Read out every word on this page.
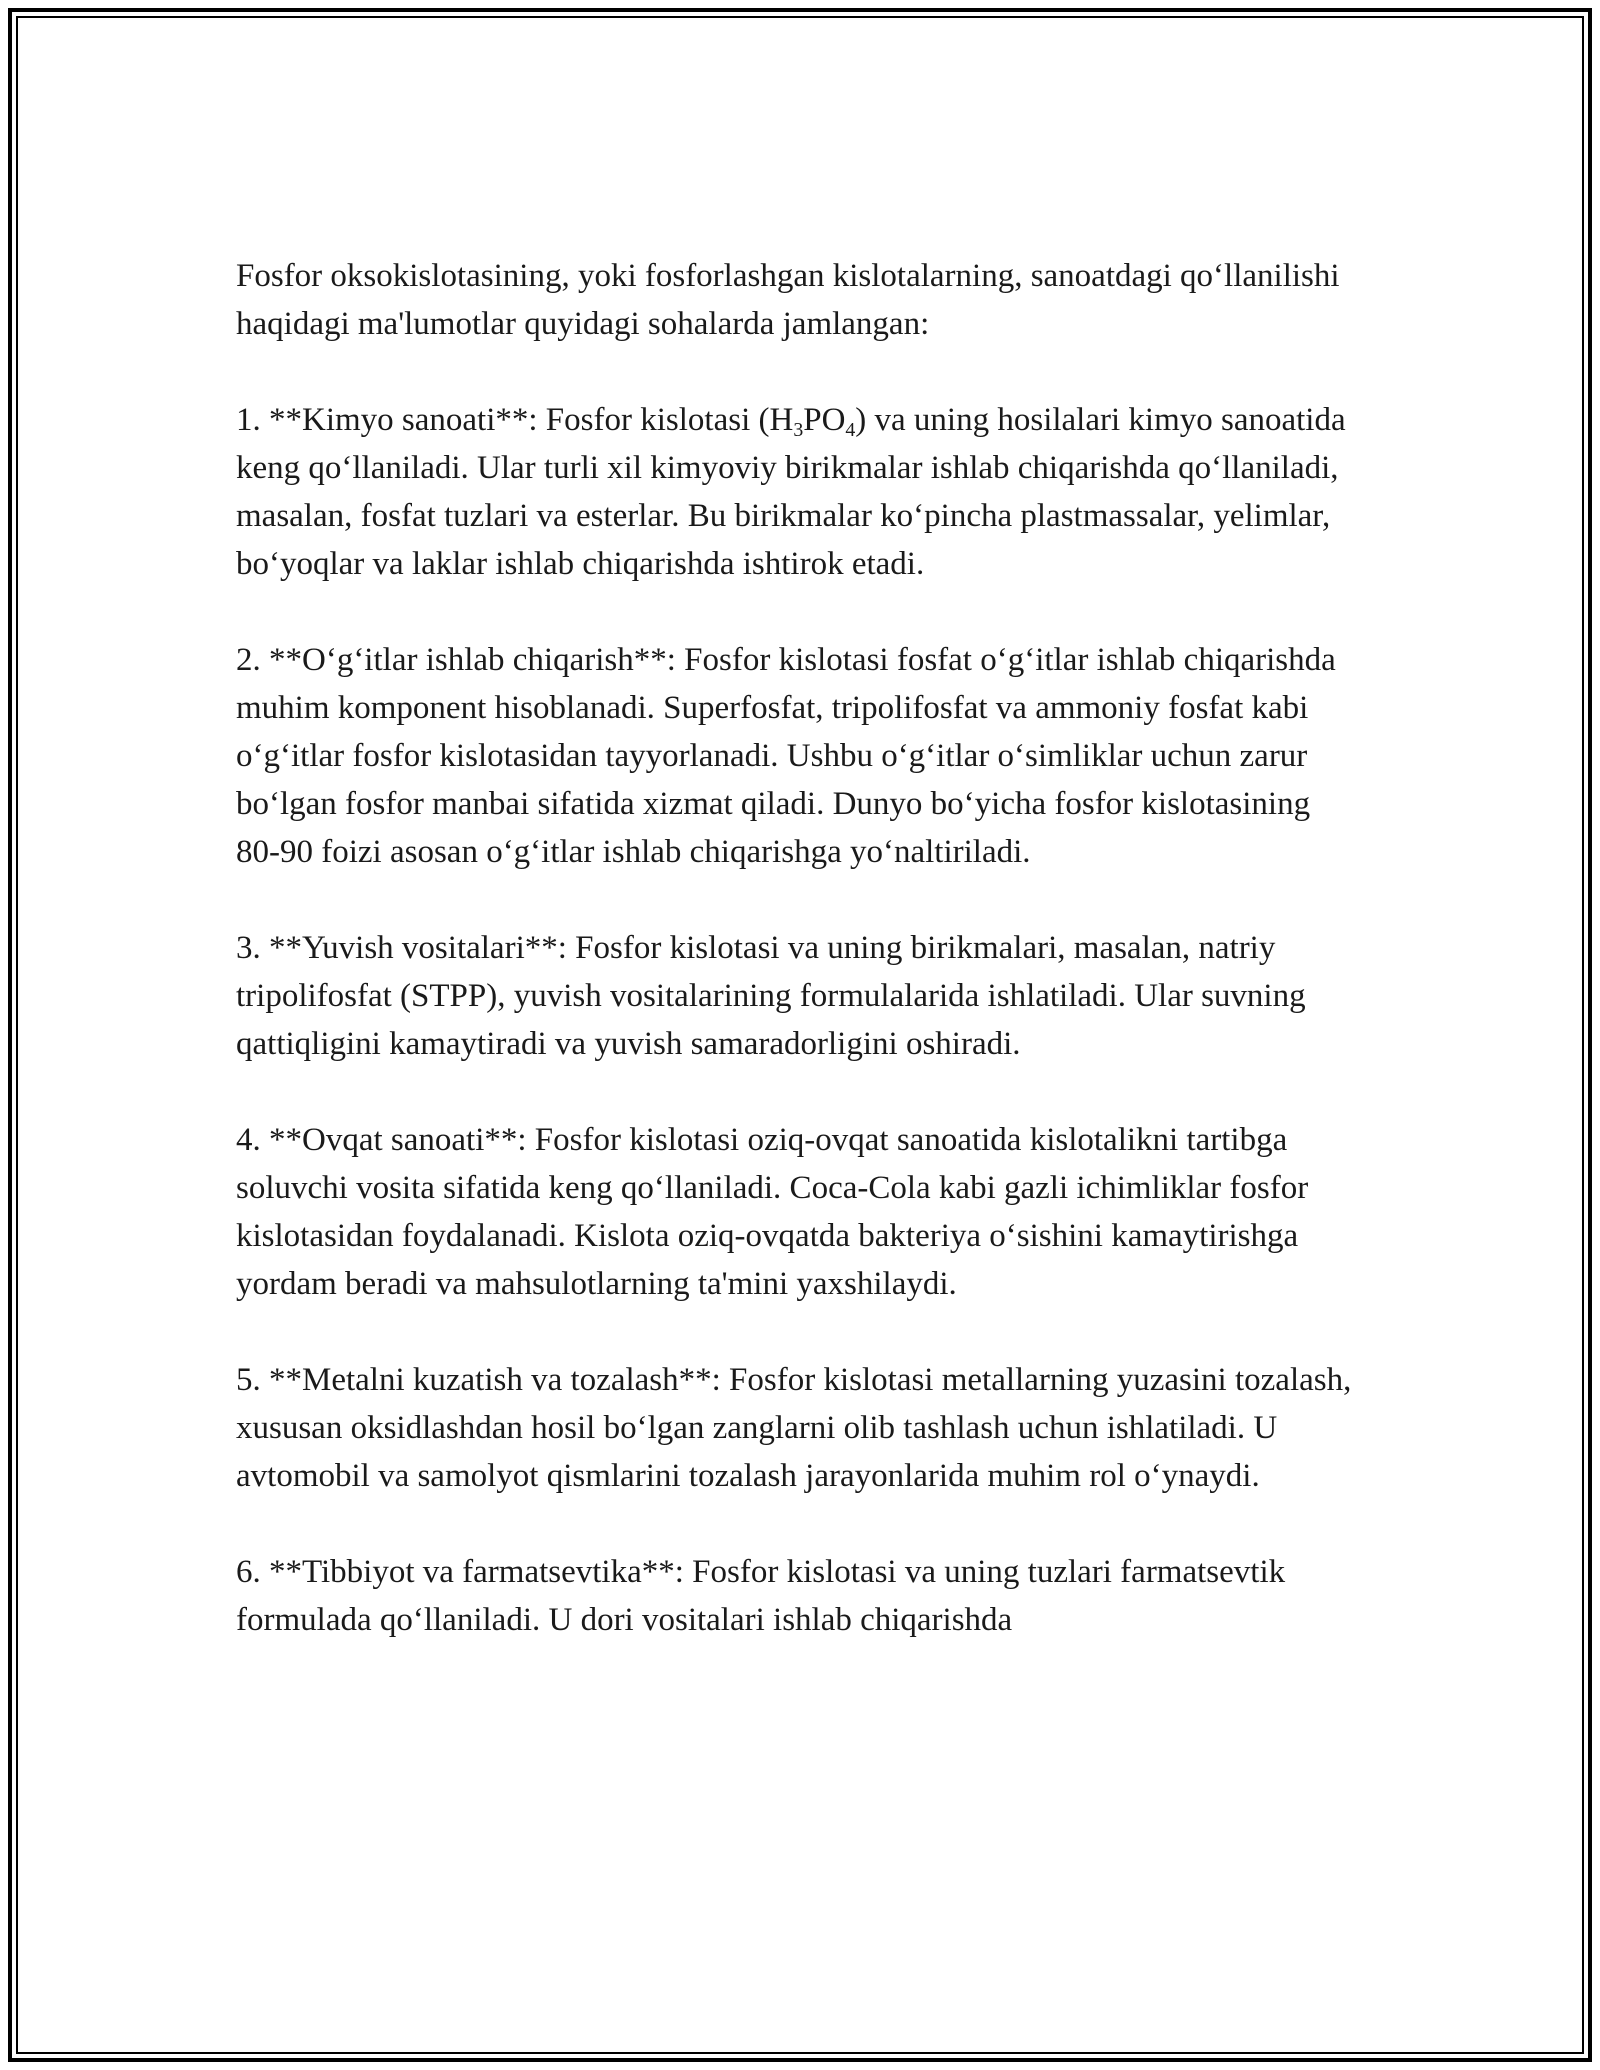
Fosfor oksokislotasining, yoki fosforlashgan kislotalarning, sanoatdagi qo‘llanilishi haqidagi ma'lumotlar quyidagi sohalarda jamlangan:

1. **Kimyo sanoati**: Fosfor kislotasi $(H_3PO_4)$ va uning hosilalari kimyo sanoatida keng qo‘llaniladi. Ular turli xil kimyoviy birikmalar ishlab chiqarishda qo‘llaniladi, masalan, fosfat tuzlari va esterlar. Bu birikmalar ko‘pincha plastmassalar, yelimlar, bo‘yoqlar va laklar ishlab chiqarishda ishtirok etadi.

2. **O‘g‘itlar ishlab chiqarish**: Fosfor kislotasi fosfat o‘g‘itlar ishlab chiqarishda muhim komponent hisoblanadi. Superfosfat, tripolifosfat va ammoniy fosfat kabi o‘g‘itlar fosfor kislotasidan tayyorlanadi. Ushbu o‘g‘itlar o‘simliklar uchun zarur bo‘lgan fosfor manbai sifatida xizmat qiladi. Dunyo bo‘yicha fosfor kislotasining 80-90 foizi asosan o‘g‘itlar ishlab chiqarishga yo‘naltiriladi.

3. **Yuvish vositalari**: Fosfor kislotasi va uning birikmalari, masalan, natriy tripolifosfat (STPP), yuvish vositalarining formulalarida ishlatiladi. Ular suvning qattiqligini kamaytiradi va yuvish samaradorligini oshiradi.

4. **Ovqat sanoati**: Fosfor kislotasi oziq-ovqat sanoatida kislotalikni tartibga soluvchi vosita sifatida keng qo‘llaniladi. Coca-Cola kabi gazli ichimliklar fosfor kislotasidan foydalanadi. Kislota oziq-ovqatda bakteriya o‘sishini kamaytirishga yordam beradi va mahsulotlarning ta'mini yaxshilaydi.

5. **Metalni kuzatish va tozalash**: Fosfor kislotasi metallarning yuzasini tozalash, xususan oksidlashdan hosil bo‘lgan zanglarni olib tashlash uchun ishlatiladi. U avtomobil va samolyot qismlarini tozalash jarayonlarida muhim rol o‘ynaydi.

6. **Tibbiyot va farmatsevtika**: Fosfor kislotasi va uning tuzlari farmatsevtik formulada qo‘llaniladi. U dori vositalari ishlab chiqarishda
